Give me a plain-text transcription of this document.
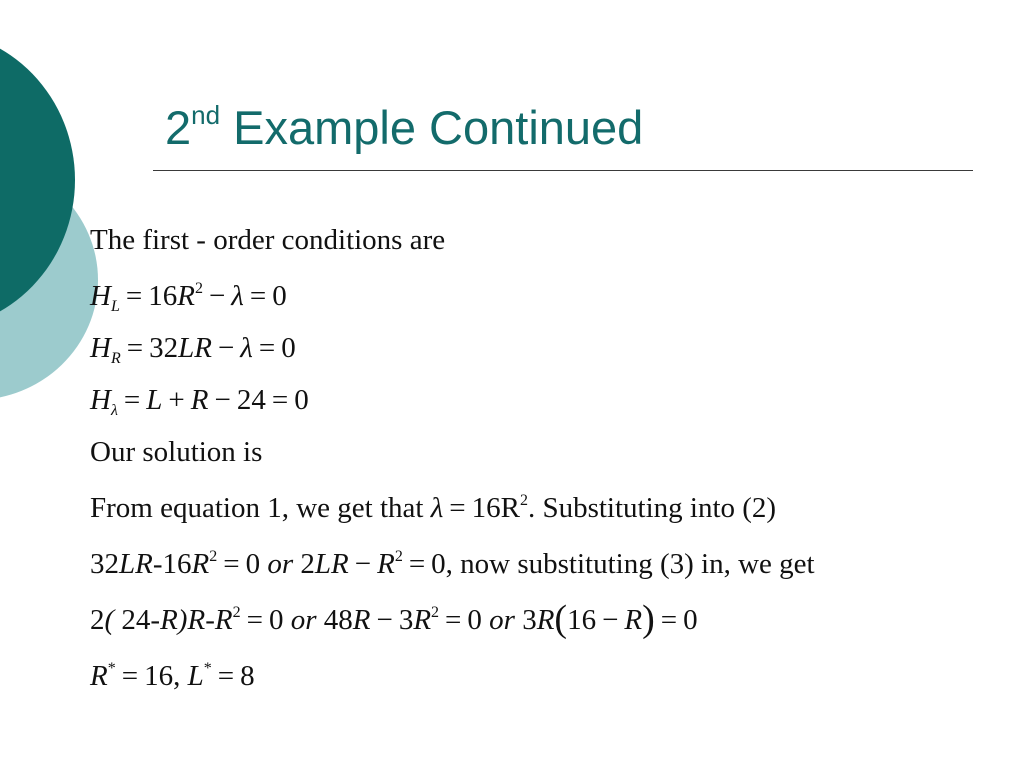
2nd Example Continued
The first - order conditions are
$H_L = 16R^2 - \lambda = 0$
$H_R = 32LR - \lambda = 0$
$H_\lambda = L + R - 24 = 0$
Our solution is
From equation 1, we get that $\lambda = 16R^2$. Substituting into (2)
$32LR-16R^2 = 0$ or $2LR - R^2 = 0$, now substituting (3) in, we get
2( $24-R)R-R^2 = 0$ or $48R - 3R^2 = 0$ or 3R(16 − R) = 0
R* = 16, L* = 8
